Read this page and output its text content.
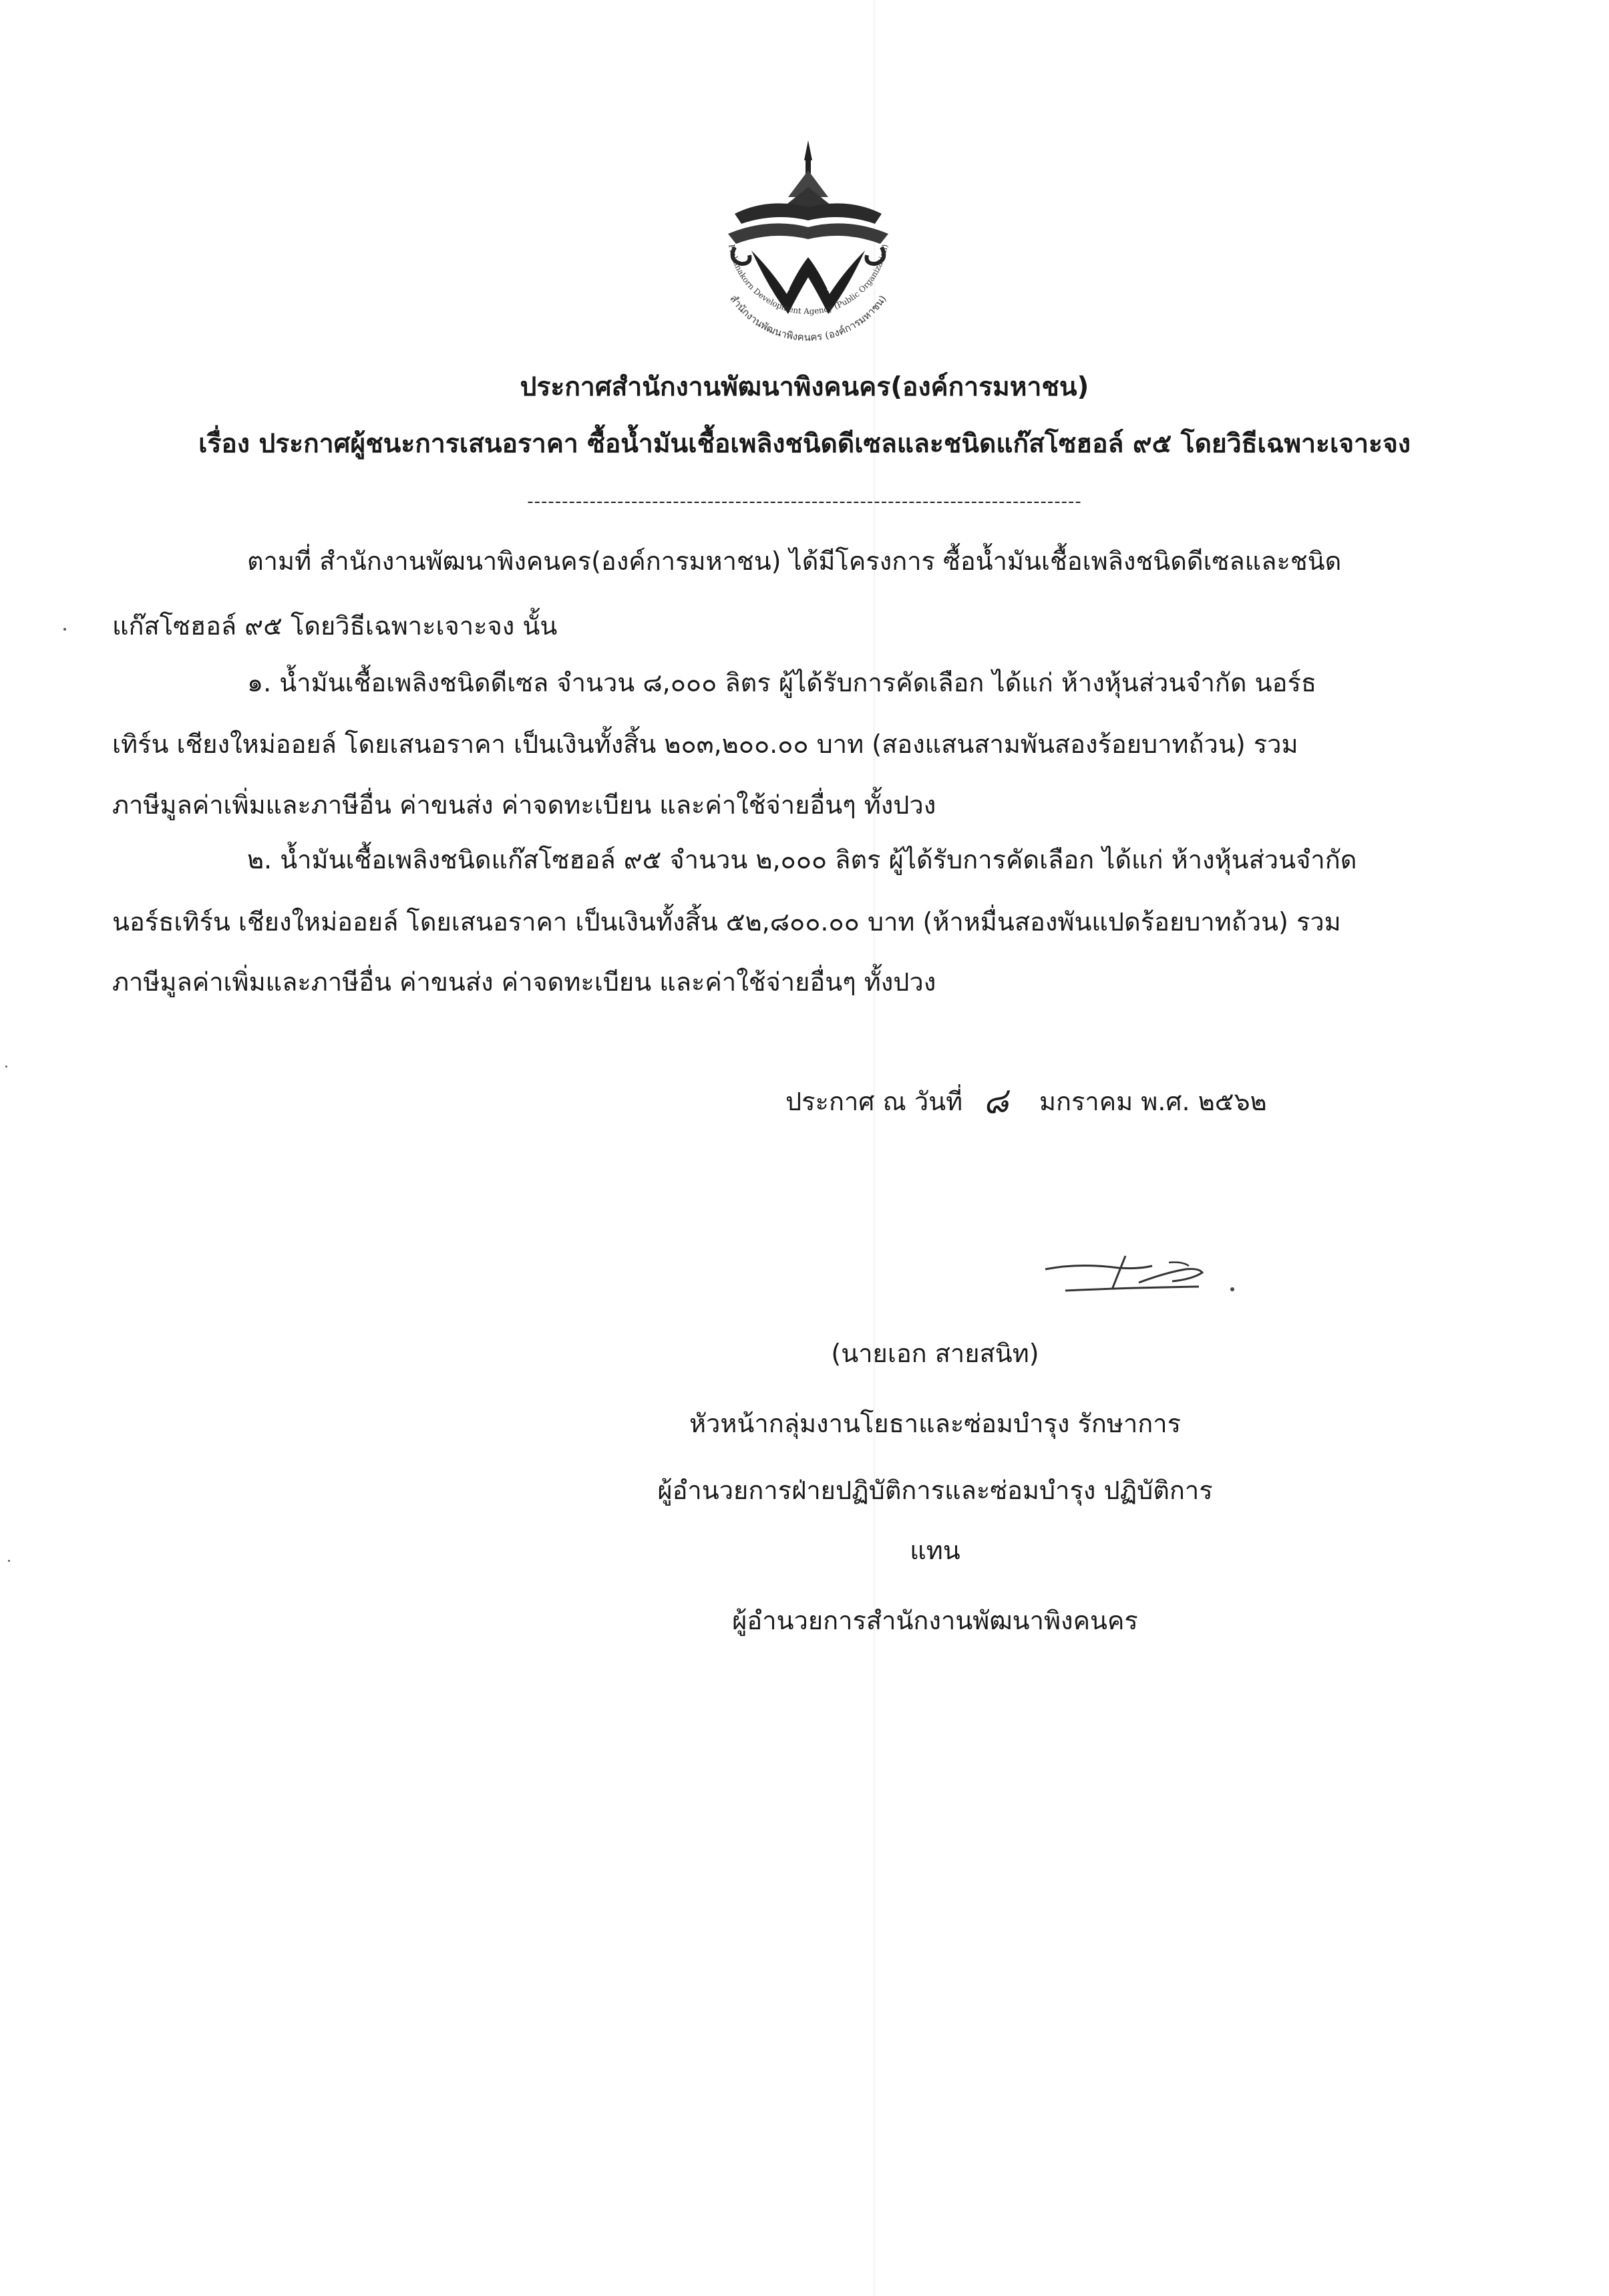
สำนักงานพัฒนาพิงคนคร (องค์การมหาชน)
Pinkanakorn Development Agency (Public Organization)
ประกาศสำนักงานพัฒนาพิงคนคร(องค์การมหาชน)
เรื่อง ประกาศผู้ชนะการเสนอราคา ซื้อน้ำมันเชื้อเพลิงชนิดดีเซลและชนิดแก๊สโซฮอล์ ๙๕ โดยวิธีเฉพาะเจาะจง
--------------------------------------------------------------------------------
ตามที่ สำนักงานพัฒนาพิงคนคร(องค์การมหาชน) ได้มีโครงการ ซื้อน้ำมันเชื้อเพลิงชนิดดีเซลและชนิด
แก๊สโซฮอล์ ๙๕ โดยวิธีเฉพาะเจาะจง นั้น
๑. น้ำมันเชื้อเพลิงชนิดดีเซล จำนวน ๘,๐๐๐ ลิตร ผู้ได้รับการคัดเลือก ได้แก่ ห้างหุ้นส่วนจำกัด นอร์ธ
เทิร์น เชียงใหม่ออยล์ โดยเสนอราคา เป็นเงินทั้งสิ้น ๒๐๓,๒๐๐.๐๐ บาท (สองแสนสามพันสองร้อยบาทถ้วน) รวม
ภาษีมูลค่าเพิ่มและภาษีอื่น ค่าขนส่ง ค่าจดทะเบียน และค่าใช้จ่ายอื่นๆ ทั้งปวง
๒. น้ำมันเชื้อเพลิงชนิดแก๊สโซฮอล์ ๙๕ จำนวน ๒,๐๐๐ ลิตร ผู้ได้รับการคัดเลือก ได้แก่ ห้างหุ้นส่วนจำกัด
นอร์ธเทิร์น เชียงใหม่ออยล์ โดยเสนอราคา เป็นเงินทั้งสิ้น ๕๒,๘๐๐.๐๐ บาท (ห้าหมื่นสองพันแปดร้อยบาทถ้วน) รวม
ภาษีมูลค่าเพิ่มและภาษีอื่น ค่าขนส่ง ค่าจดทะเบียน และค่าใช้จ่ายอื่นๆ ทั้งปวง
ประกาศ ณ วันที่ ๘ มกราคม พ.ศ. ๒๕๖๒
(นายเอก สายสนิท)
หัวหน้ากลุ่มงานโยธาและซ่อมบำรุง รักษาการ
ผู้อำนวยการฝ่ายปฏิบัติการและซ่อมบำรุง ปฏิบัติการ
แทน
ผู้อำนวยการสำนักงานพัฒนาพิงคนคร
